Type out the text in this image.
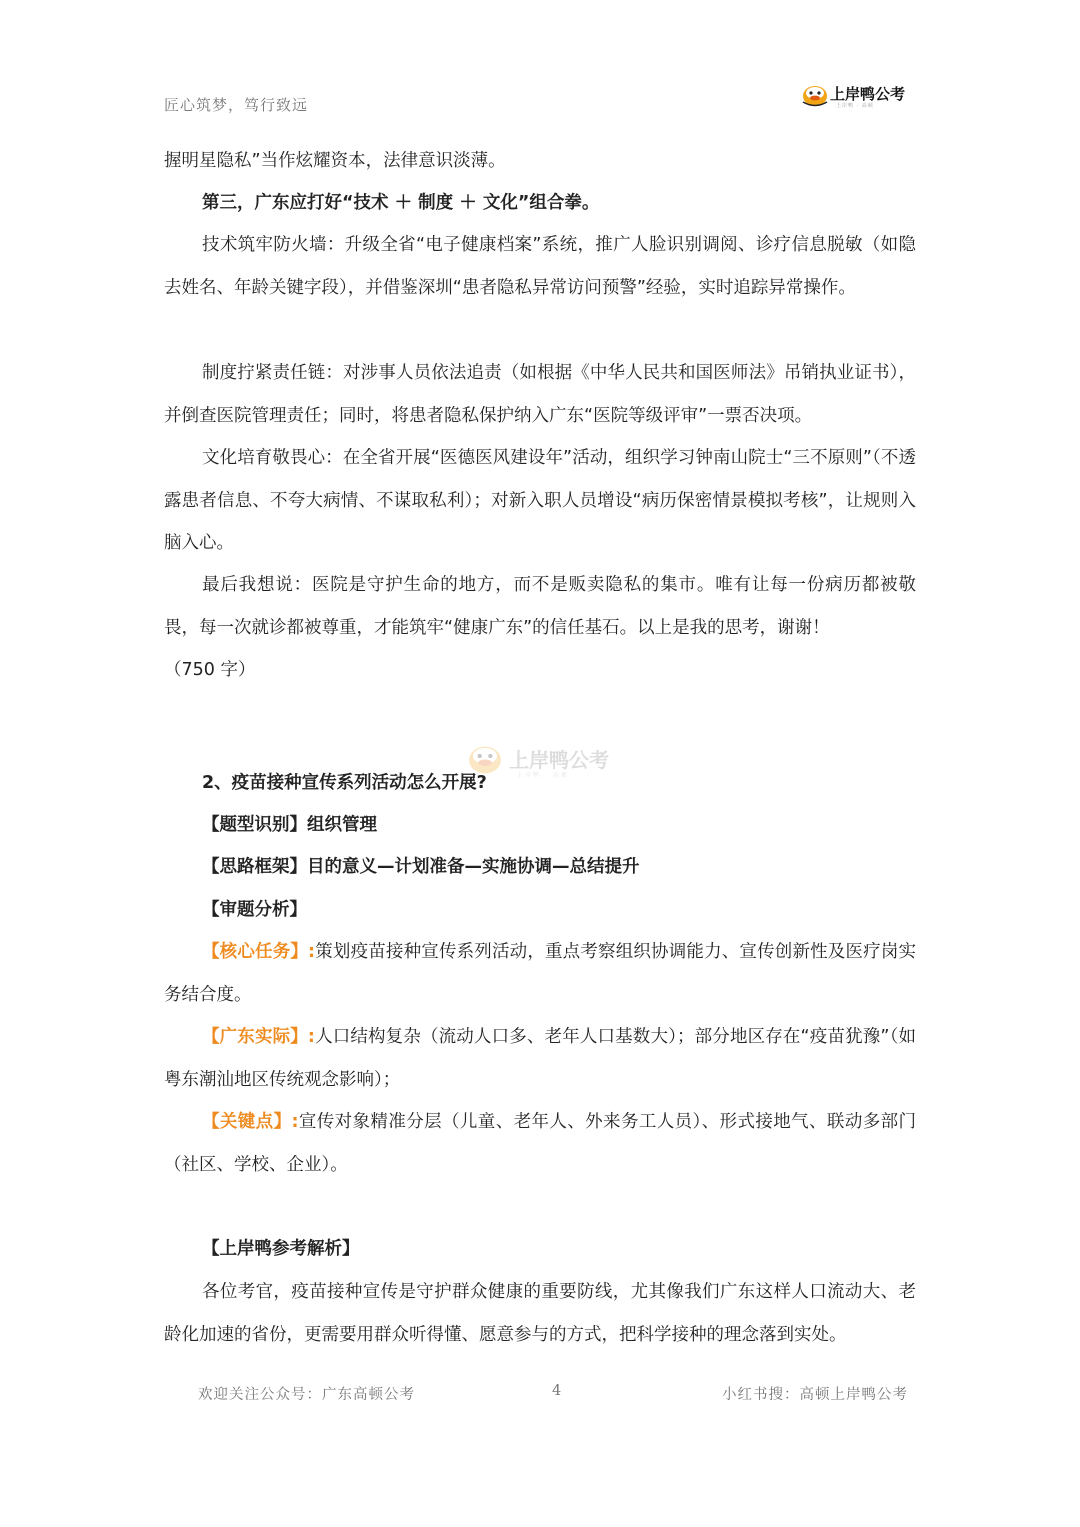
匠心筑梦，笃行致远
上岸鸭公考
上岸鸭 · 高顿
上岸鸭公考
上岸鸭 · 高顿

握明星隐私”当作炫耀资本，法律意识淡薄。

第三，广东应打好“技术 ＋ 制度 ＋ 文化”组合拳。

技术筑牢防火墙：升级全省“电子健康档案”系统，推广人脸识别调阅、诊疗信息脱敏（如隐去姓名、年龄关键字段），并借鉴深圳“患者隐私异常访问预警”经验，实时追踪异常操作。

制度拧紧责任链：对涉事人员依法追责（如根据《中华人民共和国医师法》吊销执业证书），并倒查医院管理责任；同时，将患者隐私保护纳入广东“医院等级评审”一票否决项。

文化培育敬畏心：在全省开展“医德医风建设年”活动，组织学习钟南山院士“三不原则”（不透露患者信息、不夸大病情、不谋取私利）；对新入职人员增设“病历保密情景模拟考核”，让规则入脑入心。

最后我想说：医院是守护生命的地方，而不是贩卖隐私的集市。唯有让每一份病历都被敬畏，每一次就诊都被尊重，才能筑牢“健康广东”的信任基石。以上是我的思考，谢谢！

（750 字）

2、疫苗接种宣传系列活动怎么开展?

【题型识别】组织管理

【思路框架】目的意义—计划准备—实施协调—总结提升

【审题分析】

【核心任务】:策划疫苗接种宣传系列活动，重点考察组织协调能力、宣传创新性及医疗岗实务结合度。

【广东实际】:人口结构复杂（流动人口多、老年人口基数大）；部分地区存在“疫苗犹豫”（如粤东潮汕地区传统观念影响）；

【关键点】:宣传对象精准分层（儿童、老年人、外来务工人员）、形式接地气、联动多部门（社区、学校、企业）。

【上岸鸭参考解析】

各位考官，疫苗接种宣传是守护群众健康的重要防线，尤其像我们广东这样人口流动大、老龄化加速的省份，更需要用群众听得懂、愿意参与的方式，把科学接种的理念落到实处。

欢迎关注公众号：广东高顿公考	4	小红书搜：高顿上岸鸭公考
